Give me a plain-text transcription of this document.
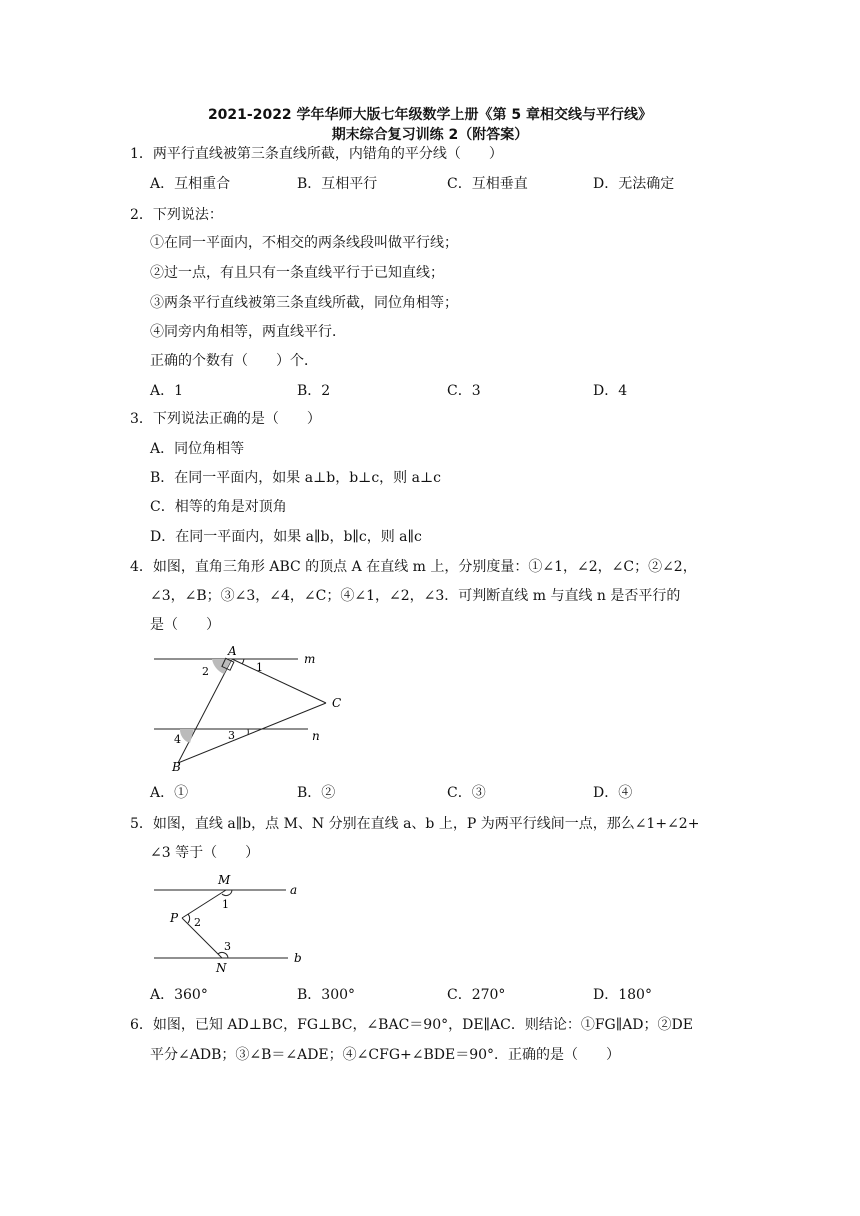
2021-2022 学年华师大版七年级数学上册《第 5 章相交线与平行线》
期末综合复习训练 2（附答案）
1．两平行直线被第三条直线所截，内错角的平分线（　　）
A．互相重合	B．互相平行	C．互相垂直	D．无法确定
2．下列说法：
①在同一平面内，不相交的两条线段叫做平行线；
②过一点，有且只有一条直线平行于已知直线；
③两条平行直线被第三条直线所截，同位角相等；
④同旁内角相等，两直线平行．
正确的个数有（　　）个．
A．1	B．2	C．3	D．4
3．下列说法正确的是（　　）
A．同位角相等
B．在同一平面内，如果 a⊥b，b⊥c，则 a⊥c
C．相等的角是对顶角
D．在同一平面内，如果 a∥b，b∥c，则 a∥c
4．如图，直角三角形 ABC 的顶点 A 在直线 m 上，分别度量：①∠1，∠2，∠C；②∠2，
∠3，∠B；③∠3，∠4，∠C；④∠1，∠2，∠3．可判断直线 m 与直线 n 是否平行的
是（　　）
A
m
1
2
C
n
3
4
B
A．①	B．②	C．③	D．④
5．如图，直线 a∥b，点 M、N 分别在直线 a、b 上，P 为两平行线间一点，那么∠1+∠2+
∠3 等于（　　）
M
a
1
P 2
3
b
N
A．360°	B．300°	C．270°	D．180°
6．如图，已知 AD⊥BC，FG⊥BC，∠BAC＝90°，DE∥AC．则结论：①FG∥AD；②DE
平分∠ADB；③∠B＝∠ADE；④∠CFG+∠BDE＝90°．正确的是（　　）
